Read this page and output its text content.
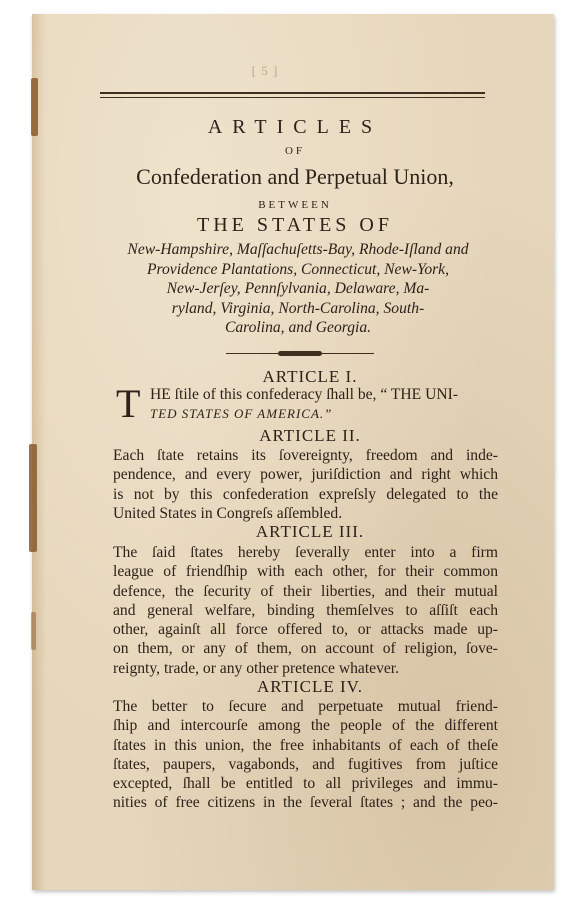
[ 5 ]
ARTICLES
OF
Confederation and Perpetual Union,
BETWEEN
THE STATES OF
New-Hampshire, Maſſachuſetts-Bay, Rhode-Iſland and
Providence Plantations, Connecticut, New-York,
New-Jerſey, Pennſylvania, Delaware, Ma-
ryland, Virginia, North-Carolina, South-
Carolina, and Georgia.
ARTICLE I.
T HE ſtile of this confederacy ſhall be, “ THE UNI-
TED STATES OF AMERICA.”
ARTICLE II.
Each ſtate retains its ſovereignty, freedom and inde-
pendence, and every power, juriſdiction and right which
is not by this confederation expreſsly delegated to the
United States in Congreſs aſſembled.
ARTICLE III.
The ſaid ſtates hereby ſeverally enter into a firm
league of friendſhip with each other, for their common
defence, the ſecurity of their liberties, and their mutual
and general welfare, binding themſelves to aſſiſt each
other, againſt all force offered to, or attacks made up-
on them, or any of them, on account of religion, ſove-
reignty, trade, or any other pretence whatever.
ARTICLE IV.
The better to ſecure and perpetuate mutual friend-
ſhip and intercourſe among the people of the different
ſtates in this union, the free inhabitants of each of theſe
ſtates, paupers, vagabonds, and fugitives from juſtice
excepted, ſhall be entitled to all privileges and immu-
nities of free citizens in the ſeveral ſtates ; and the peo-
